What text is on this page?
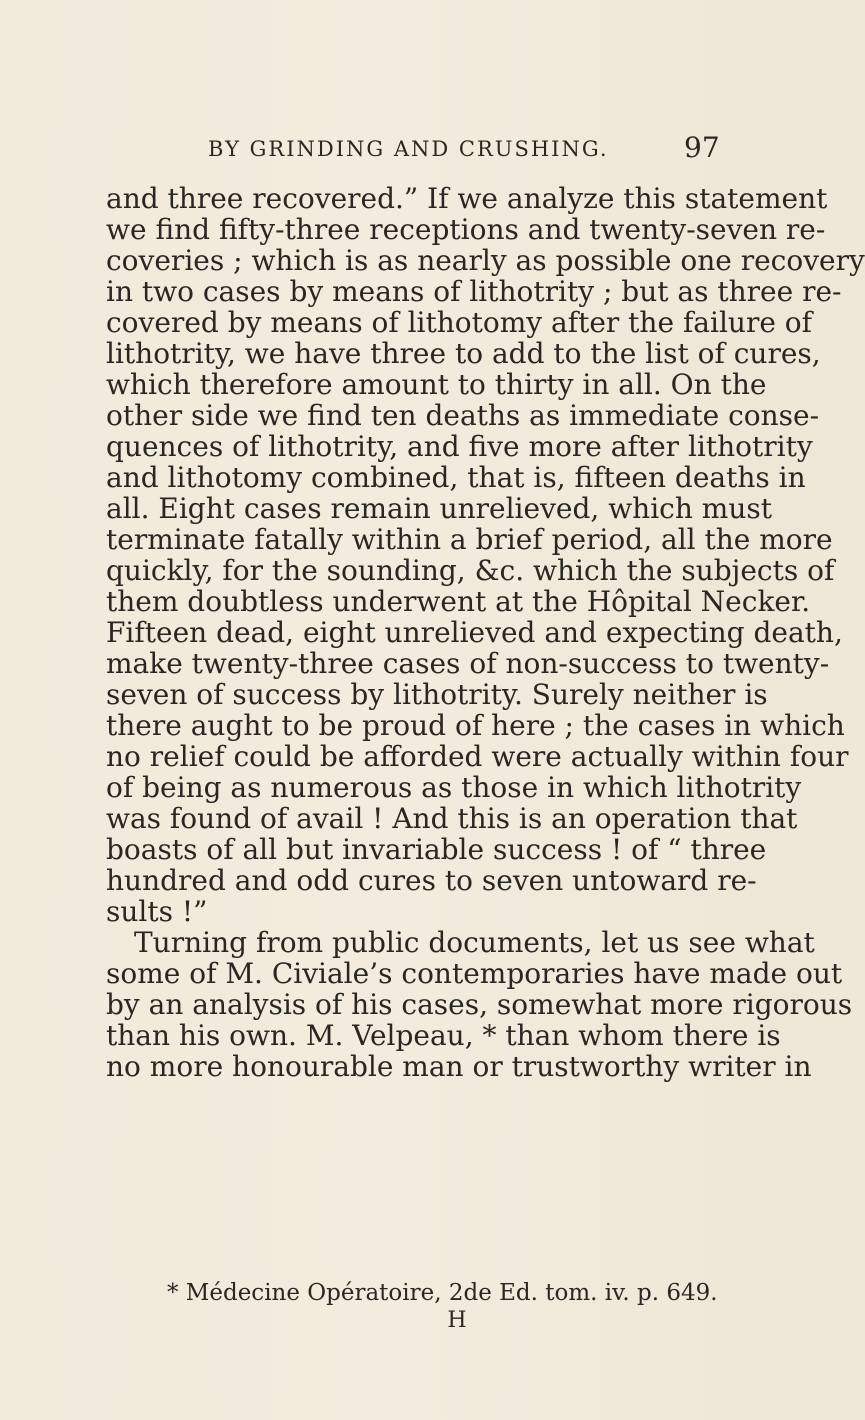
BY GRINDING AND CRUSHING.	97
and three recovered.” If we analyze this statement
we find fifty-three receptions and twenty-seven re-
coveries ; which is as nearly as possible one recovery
in two cases by means of lithotrity ; but as three re-
covered by means of lithotomy after the failure of
lithotrity, we have three to add to the list of cures,
which therefore amount to thirty in all. On the
other side we find ten deaths as immediate conse-
quences of lithotrity, and five more after lithotrity
and lithotomy combined, that is, fifteen deaths in
all. Eight cases remain unrelieved, which must
terminate fatally within a brief period, all the more
quickly, for the sounding, &c. which the subjects of
them doubtless underwent at the Hôpital Necker.
Fifteen dead, eight unrelieved and expecting death,
make twenty-three cases of non-success to twenty-
seven of success by lithotrity. Surely neither is
there aught to be proud of here ; the cases in which
no relief could be afforded were actually within four
of being as numerous as those in which lithotrity
was found of avail ! And this is an operation that
boasts of all but invariable success ! of “ three
hundred and odd cures to seven untoward re-
sults !”
Turning from public documents, let us see what
some of M. Civiale’s contemporaries have made out
by an analysis of his cases, somewhat more rigorous
than his own. M. Velpeau, * than whom there is
no more honourable man or trustworthy writer in
* Médecine Opératoire, 2de Ed. tom. iv. p. 649.
H
